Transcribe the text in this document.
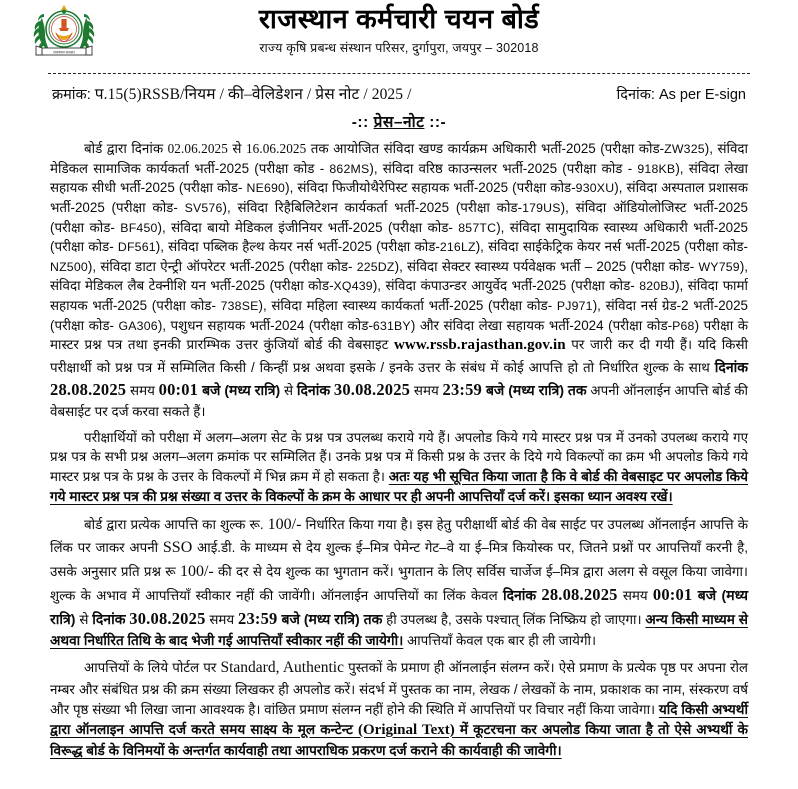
राजस्थान सरकार
राजस्थान कर्मचारी चयन बोर्ड
राज्य कृषि प्रबन्ध संस्थान परिसर, दुर्गापुरा, जयपुर – 302018
क्रमांक: प.15(5)RSSB/नियम / की–वेलिडेशन / प्रेस नोट / 2025 /	दिनांक: As per E-sign
-:: प्रेस–नोट ::-

बोर्ड द्वारा दिनांक 02.06.2025 से 16.06.2025 तक आयोजित संविदा खण्ड कार्यक्रम अधिकारी भर्ती-2025 (परीक्षा कोड-ZW325), संविदा मेडिकल सामाजिक कार्यकर्ता भर्ती-2025 (परीक्षा कोड - 862MS), संविदा वरिष्ठ काउन्सलर भर्ती-2025 (परीक्षा कोड - 918KB), संविदा लेखा सहायक सीधी भर्ती-2025 (परीक्षा कोड- NE690), संविदा फिजीयोथैरेपिस्ट सहायक भर्ती-2025 (परीक्षा कोड-930XU), संविदा अस्पताल प्रशासक भर्ती-2025 (परीक्षा कोड- SV576), संविदा रिहैबिलिटेशन कार्यकर्ता भर्ती-2025 (परीक्षा कोड-179US), संविदा ऑडियोलोजिस्ट भर्ती-2025 (परीक्षा कोड- BF450), संविदा बायो मेडिकल इंजीनियर भर्ती-2025 (परीक्षा कोड- 857TC), संविदा सामुदायिक स्वास्थ्य अधिकारी भर्ती-2025 (परीक्षा कोड- DF561), संविदा पब्लिक हैल्थ केयर नर्स भर्ती-2025 (परीक्षा कोड-216LZ), संविदा साईकेट्रिक केयर नर्स भर्ती-2025 (परीक्षा कोड- NZ500), संविदा डाटा ऐन्ट्री ऑपरेटर भर्ती-2025 (परीक्षा कोड- 225DZ), संविदा सेक्टर स्वास्थ्य पर्यवेक्षक भर्ती – 2025 (परीक्षा कोड- WY759), संविदा मेडिकल लैब टेक्नीशि यन भर्ती-2025 (परीक्षा कोड-XQ439), संविदा कंपाउन्डर आयुर्वेद भर्ती-2025 (परीक्षा कोड- 820BJ), संविदा फार्मा सहायक भर्ती-2025 (परीक्षा कोड- 738SE), संविदा महिला स्वास्थ्य कार्यकर्ता भर्ती-2025 (परीक्षा कोड- PJ971), संविदा नर्स ग्रेड-2 भर्ती-2025 (परीक्षा कोड- GA306), पशुधन सहायक भर्ती-2024 (परीक्षा कोड-631BY) और संविदा लेखा सहायक भर्ती-2024 (परीक्षा कोड-P68) परीक्षा के मास्टर प्रश्न पत्र तथा इनकी प्रारम्भिक उत्तर कुंजियॉ बोर्ड की वेबसाइट www.rssb.rajasthan.gov.in पर जारी कर दी गयी हैं। यदि किसी परीक्षार्थी को प्रश्न पत्र में सम्मिलित किसी / किन्हीं प्रश्न अथवा इसके / इनके उत्तर के संबंध में कोई आपत्ति हो तो निर्धारित शुल्क के साथ दिनांक 28.08.2025 समय 00:01 बजे (मध्य रात्रि) से दिनांक 30.08.2025 समय 23:59 बजे (मध्य रात्रि) तक अपनी ऑनलाईन आपत्ति बोर्ड की वेबसाईट पर दर्ज करवा सकते हैं।

परीक्षार्थियों को परीक्षा में अलग–अलग सेट के प्रश्न पत्र उपलब्ध कराये गये हैं। अपलोड किये गये मास्टर प्रश्न पत्र में उनको उपलब्ध कराये गए प्रश्न पत्र के सभी प्रश्न अलग–अलग क्रमांक पर सम्मिलित हैं। उनके प्रश्न पत्र में किसी प्रश्न के उत्तर के दिये गये विकल्पों का क्रम भी अपलोड किये गये मास्टर प्रश्न पत्र के प्रश्न के उत्तर के विकल्पों में भिन्न क्रम में हो सकता है। अतः यह भी सूचित किया जाता है कि वे बोर्ड की वेबसाइट पर अपलोड किये गये मास्टर प्रश्न पत्र की प्रश्न संख्या व उत्तर के विकल्पों के क्रम के आधार पर ही अपनी आपत्तियाँ दर्ज करें। इसका ध्यान अवश्य रखें।

बोर्ड द्वारा प्रत्येक आपत्ति का शुल्क रू. 100/- निर्धारित किया गया है। इस हेतु परीक्षार्थी बोर्ड की वेब साईट पर उपलब्ध ऑनलाईन आपत्ति के लिंक पर जाकर अपनी SSO आई.डी. के माध्यम से देय शुल्क ई–मित्र पेमेन्ट गेट–वे या ई–मित्र कियोस्क पर, जितने प्रश्नों पर आपत्तियाँ करनी है, उसके अनुसार प्रति प्रश्न रू 100/- की दर से देय शुल्क का भुगतान करें। भुगतान के लिए सर्विस चार्जेज ई–मित्र द्वारा अलग से वसूल किया जावेगा। शुल्क के अभाव में आपत्तियाँ स्वीकार नहीं की जावेंगी। ऑनलाईन आपत्तियों का लिंक केवल दिनांक 28.08.2025 समय 00:01 बजे (मध्य रात्रि) से दिनांक 30.08.2025 समय 23:59 बजे (मध्य रात्रि) तक ही उपलब्ध है, उसके पश्चात् लिंक निष्क्रिय हो जाएगा। अन्य किसी माध्यम से अथवा निर्धारित तिथि के बाद भेजी गई आपत्तियाँ स्वीकार नहीं की जायेगी। आपत्तियाँ केवल एक बार ही ली जायेगी।

आपत्तियों के लिये पोर्टल पर Standard, Authentic पुस्तकों के प्रमाण ही ऑनलाईन संलग्न करें। ऐसे प्रमाण के प्रत्येक पृष्ठ पर अपना रोल नम्बर और संबंधित प्रश्न की क्रम संख्या लिखकर ही अपलोड करें। संदर्भ में पुस्तक का नाम, लेखक / लेखकों के नाम, प्रकाशक का नाम, संस्करण वर्ष और पृष्ठ संख्या भी लिखा जाना आवश्यक है। वांछित प्रमाण संलग्न नहीं होने की स्थिति में आपत्तियों पर विचार नहीं किया जावेगा। यदि किसी अभ्यर्थी द्वारा ऑनलाइन आपत्ति दर्ज करते समय साक्ष्य के मूल कन्टेन्ट (Original Text) में कूटरचना कर अपलोड किया जाता है तो ऐसे अभ्यर्थी के विरूद्ध बोर्ड के विनिमयों के अन्तर्गत कार्यवाही तथा आपराधिक प्रकरण दर्ज कराने की कार्यवाही की जावेगी।
